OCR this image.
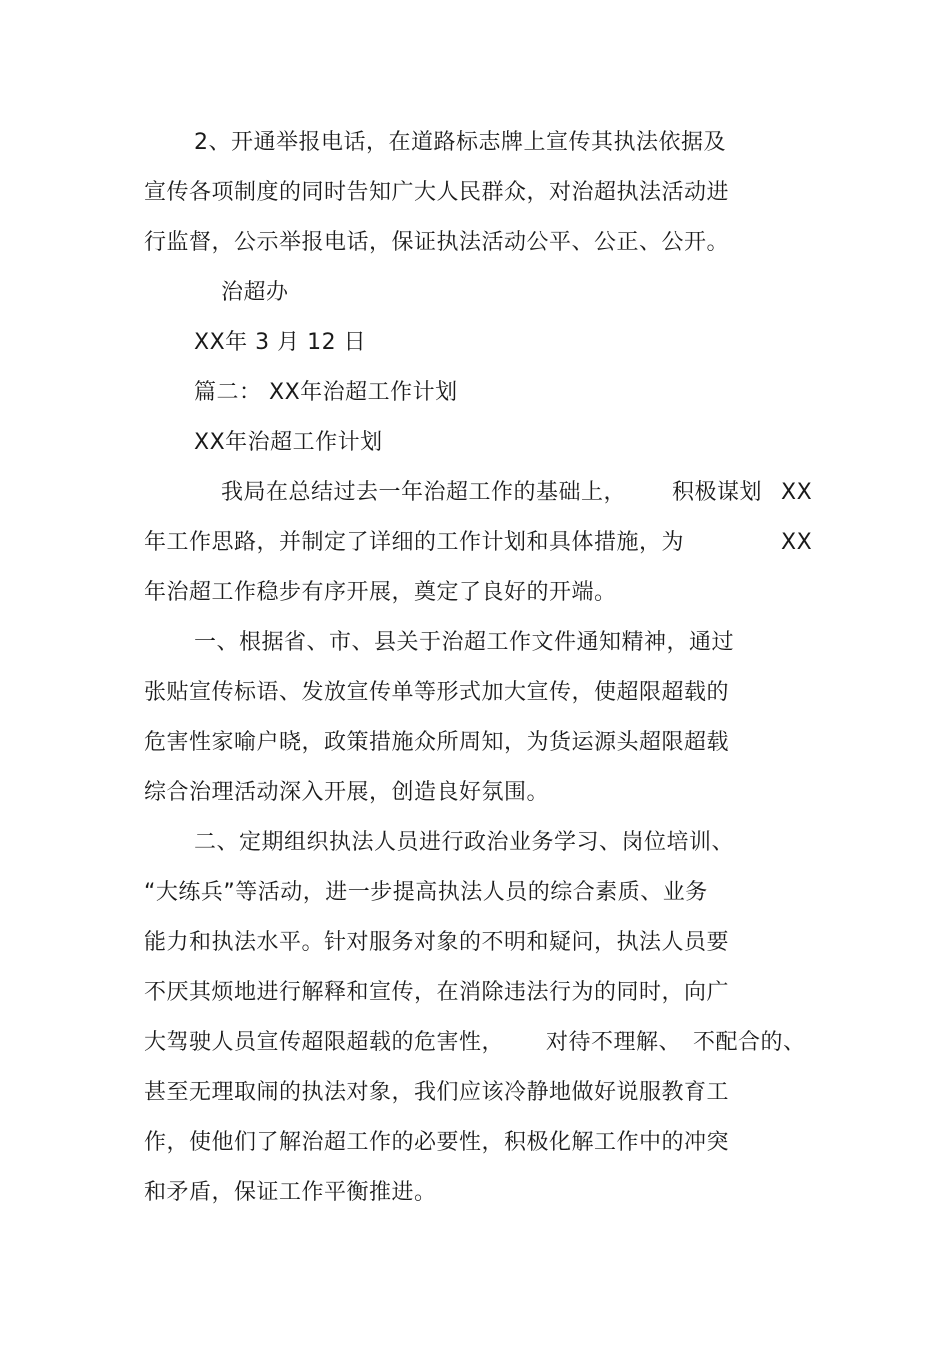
2、开通举报电话，在道路标志牌上宣传其执法依据及
宣传各项制度的同时告知广大人民群众，对治超执法活动进
行监督，公示举报电话，保证执法活动公平、公正、公开。
治超办
XX年 3 月 12 日
篇二： XX年治超工作计划
XX年治超工作计划
我局在总结过去一年治超工作的基础上， 积极谋划 XX
年工作思路，并制定了详细的工作计划和具体措施，为	XX
年治超工作稳步有序开展，奠定了良好的开端。
一、根据省、市、县关于治超工作文件通知精神，通过
张贴宣传标语、发放宣传单等形式加大宣传，使超限超载的
危害性家喻户晓，政策措施众所周知，为货运源头超限超载
综合治理活动深入开展，创造良好氛围。
二、定期组织执法人员进行政治业务学习、岗位培训、
“大练兵”等活动，进一步提高执法人员的综合素质、业务
能力和执法水平。针对服务对象的不明和疑问，执法人员要
不厌其烦地进行解释和宣传，在消除违法行为的同时，向广
大驾驶人员宣传超限超载的危害性， 对待不理解、 不配合的、
甚至无理取闹的执法对象，我们应该冷静地做好说服教育工
作，使他们了解治超工作的必要性，积极化解工作中的冲突
和矛盾，保证工作平衡推进。
